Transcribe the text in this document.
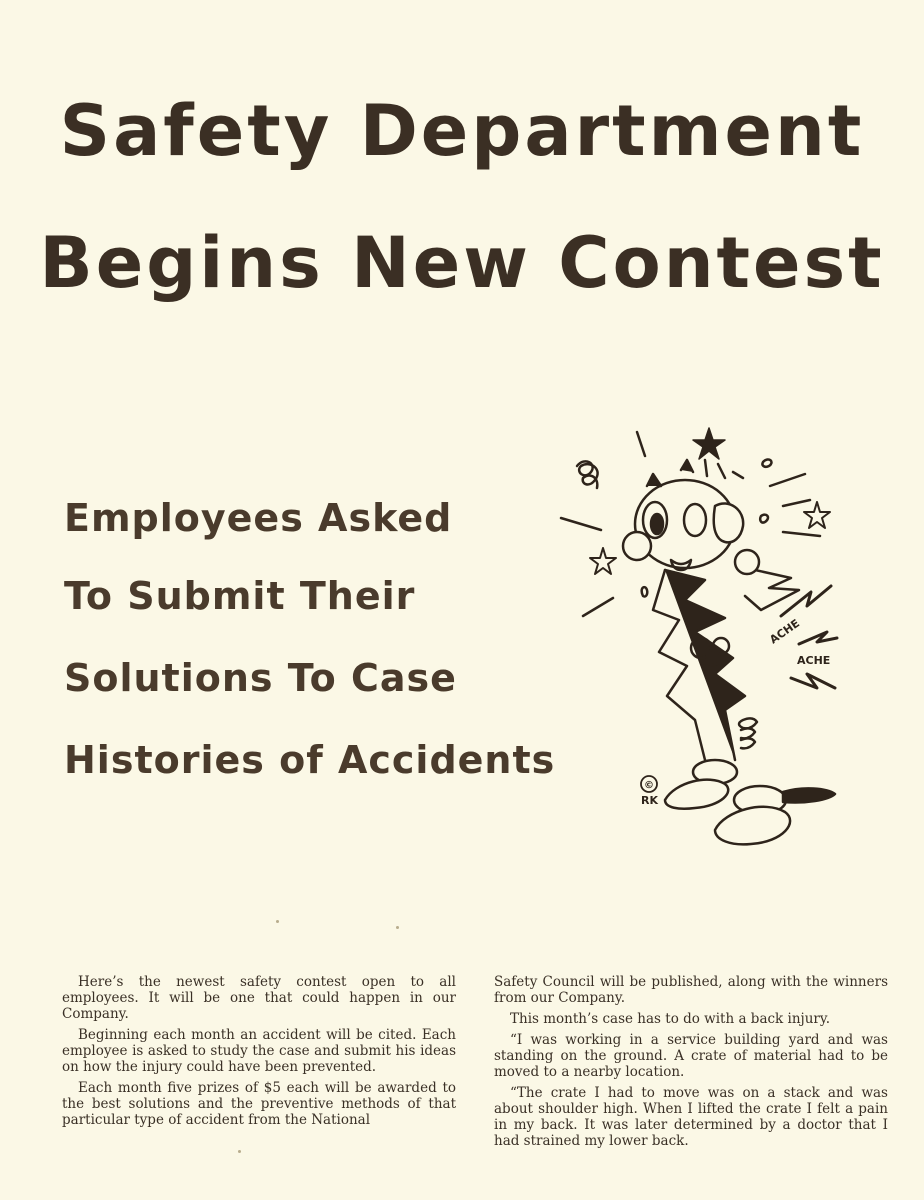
Safety Department
Begins New Contest
Employees Asked
To Submit Their
Solutions To Case
Histories of Accidents
ACHE
ACHE
©
RK

Here’s the newest safety contest open to all employees. It will be one that could happen in our Company.

Beginning each month an accident will be cited. Each employee is asked to study the case and submit his ideas on how the injury could have been prevented.

Each month five prizes of $5 each will be awarded to the best solutions and the preventive methods of that particular type of accident from the National

Safety Council will be published, along with the winners from our Company.

This month’s case has to do with a back injury.

“I was working in a service building yard and was standing on the ground. A crate of material had to be moved to a nearby location.

“The crate I had to move was on a stack and was about shoulder high. When I lifted the crate I felt a pain in my back. It was later determined by a doctor that I had strained my lower back.
